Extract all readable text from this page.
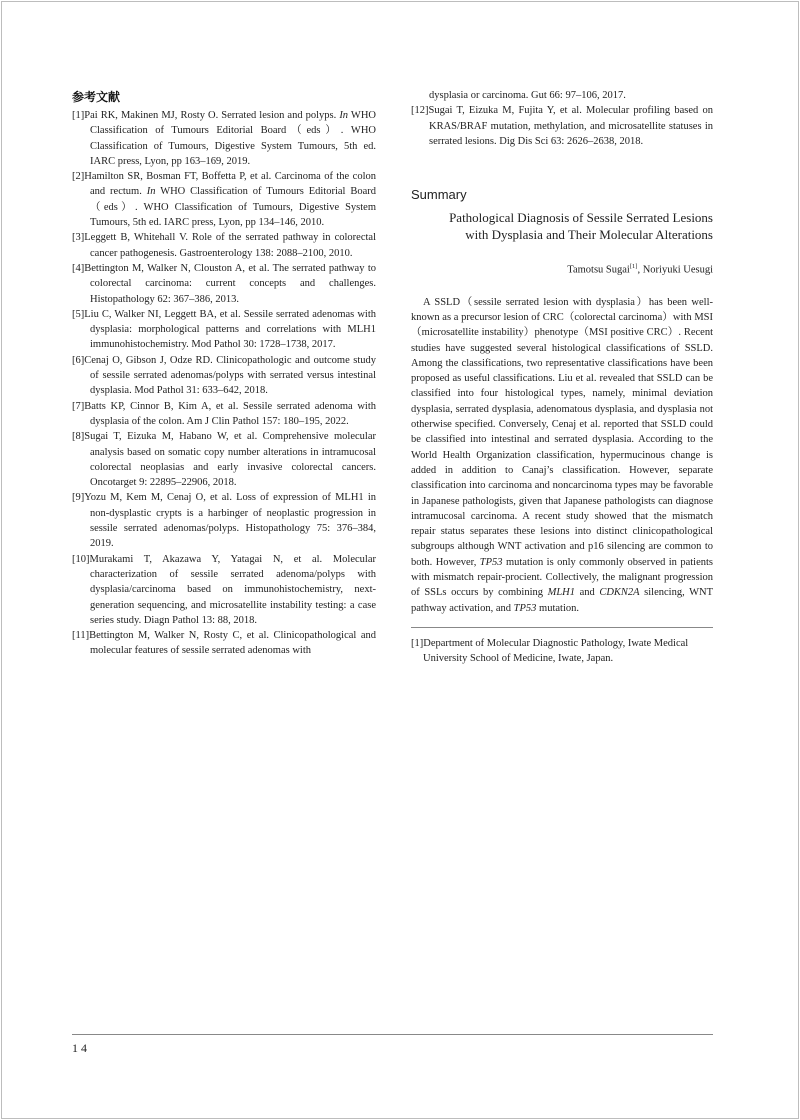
参考文献

[1]Pai RK, Makinen MJ, Rosty O. Serrated lesion and polyps. In WHO Classification of Tumours Editorial Board（eds）. WHO Classification of Tumours, Digestive System Tumours, 5th ed. IARC press, Lyon, pp 163–169, 2019.

[2]Hamilton SR, Bosman FT, Boffetta P, et al. Carcinoma of the colon and rectum. In WHO Classification of Tumours Editorial Board（eds）. WHO Classification of Tumours, Digestive System Tumours, 5th ed. IARC press, Lyon, pp 134–146, 2010.

[3]Leggett B, Whitehall V. Role of the serrated pathway in colorectal cancer pathogenesis. Gastroenterology 138: 2088–2100, 2010.

[4]Bettington M, Walker N, Clouston A, et al. The serrated pathway to colorectal carcinoma: current concepts and challenges. Histopathology 62: 367–386, 2013.

[5]Liu C, Walker NI, Leggett BA, et al. Sessile serrated adenomas with dysplasia: morphological patterns and correlations with MLH1 immunohistochemistry. Mod Pathol 30: 1728–1738, 2017.

[6]Cenaj O, Gibson J, Odze RD. Clinicopathologic and outcome study of sessile serrated adenomas/polyps with serrated versus intestinal dysplasia. Mod Pathol 31: 633–642, 2018.

[7]Batts KP, Cinnor B, Kim A, et al. Sessile serrated adenoma with dysplasia of the colon. Am J Clin Pathol 157: 180–195, 2022.

[8]Sugai T, Eizuka M, Habano W, et al. Comprehensive molecular analysis based on somatic copy number alterations in intramucosal colorectal neoplasias and early invasive colorectal cancers. Oncotarget 9: 22895–22906, 2018.

[9]Yozu M, Kem M, Cenaj O, et al. Loss of expression of MLH1 in non-dysplastic crypts is a harbinger of neoplastic progression in sessile serrated adenomas/polyps. Histopathology 75: 376–384, 2019.

[10]Murakami T, Akazawa Y, Yatagai N, et al. Molecular characterization of sessile serrated adenoma/polyps with dysplasia/carcinoma based on immunohistochemistry, next-generation sequencing, and microsatellite instability testing: a case series study. Diagn Pathol 13: 88, 2018.

[11]Bettington M, Walker N, Rosty C, et al. Clinicopathological and molecular features of sessile serrated adenomas with

dysplasia or carcinoma. Gut 66: 97–106, 2017.

[12]Sugai T, Eizuka M, Fujita Y, et al. Molecular profiling based on KRAS/BRAF mutation, methylation, and microsatellite statuses in serrated lesions. Dig Dis Sci 63: 2626–2638, 2018.

Summary
Pathological Diagnosis of Sessile Serrated Lesions
with Dysplasia and Their Molecular Alterations
Tamotsu Sugai[1], Noriyuki Uesugi

A SSLD（sessile serrated lesion with dysplasia）has been well-known as a precursor lesion of CRC（colorectal carcinoma）with MSI（microsatellite instability）phenotype（MSI positive CRC）. Recent studies have suggested several histological classifications of SSLD. Among the classifications, two representative classifications have been proposed as useful classifications. Liu et al. revealed that SSLD can be classified into four histological types, namely, minimal deviation dysplasia, serrated dysplasia, adenomatous dysplasia, and dysplasia not otherwise specified. Conversely, Cenaj et al. reported that SSLD could be classified into intestinal and serrated dysplasia. According to the World Health Organization classification, hypermucinous change is added in addition to Canaj’s classification. However, separate classification into carcinoma and noncarcinoma types may be favorable in Japanese pathologists, given that Japanese pathologists can diagnose intramucosal carcinoma. A recent study showed that the mismatch repair status separates these lesions into distinct clinicopathological subgroups although WNT activation and p16 silencing are common to both. However, TP53 mutation is only commonly observed in patients with mismatch repair-procient. Collectively, the malignant progression of SSLs occurs by combining MLH1 and CDKN2A silencing, WNT pathway activation, and TP53 mutation.

[1]Department of Molecular Diagnostic Pathology, Iwate Medical University School of Medicine, Iwate, Japan.

14
